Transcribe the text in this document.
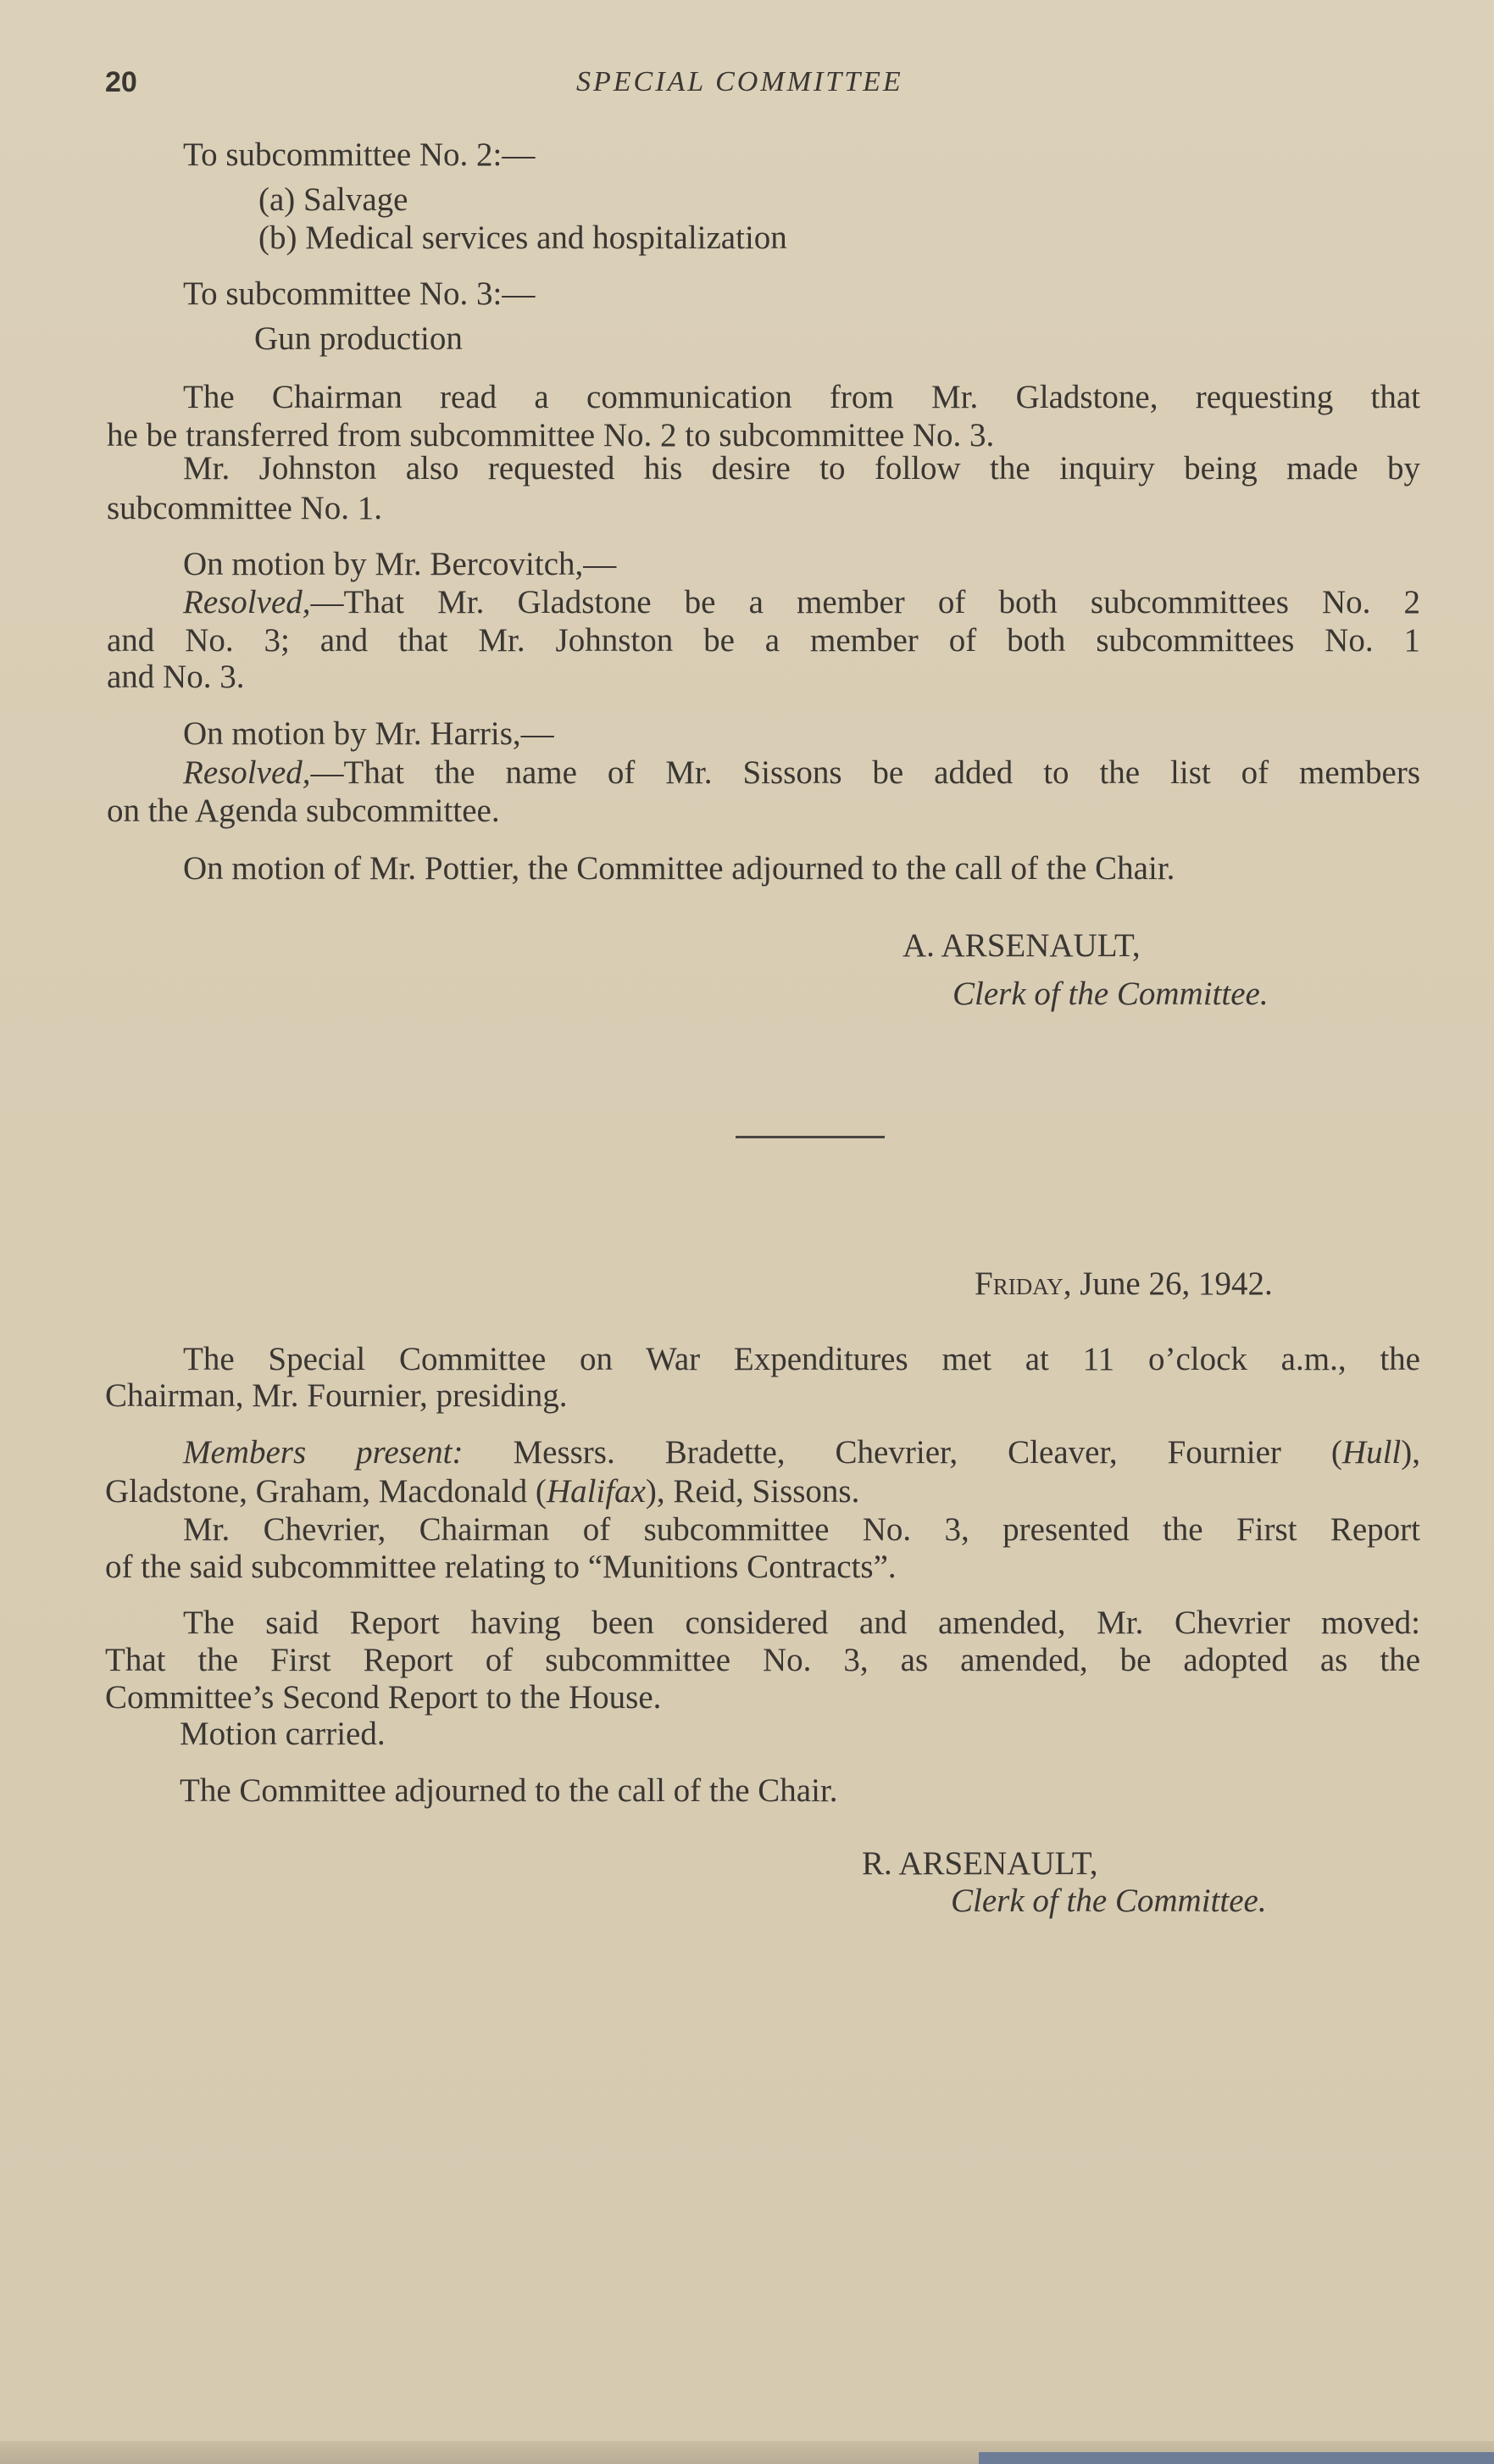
20	SPECIAL COMMITTEE
To subcommittee No. 2:—
(a) Salvage
(b) Medical services and hospitalization
To subcommittee No. 3:—
Gun production
The Chairman read a communication from Mr. Gladstone, requesting that
he be transferred from subcommittee No. 2 to subcommittee No. 3.
Mr. Johnston also requested his desire to follow the inquiry being made by
subcommittee No. 1.
On motion by Mr. Bercovitch,—
Resolved,—That Mr. Gladstone be a member of both subcommittees No. 2
and No. 3; and that Mr. Johnston be a member of both subcommittees No. 1
and No. 3.
On motion by Mr. Harris,—
Resolved,—That the name of Mr. Sissons be added to the list of members
on the Agenda subcommittee.
On motion of Mr. Pottier, the Committee adjourned to the call of the Chair.
A. ARSENAULT,
Clerk of the Committee.
Friday, June 26, 1942.
The Special Committee on War Expenditures met at 11 o’clock a.m., the
Chairman, Mr. Fournier, presiding.
Members present: Messrs. Bradette, Chevrier, Cleaver, Fournier (Hull),
Gladstone, Graham, Macdonald (Halifax), Reid, Sissons.
Mr. Chevrier, Chairman of subcommittee No. 3, presented the First Report
of the said subcommittee relating to “Munitions Contracts”.
The said Report having been considered and amended, Mr. Chevrier moved:
That the First Report of subcommittee No. 3, as amended, be adopted as the
Committee’s Second Report to the House.
Motion carried.
The Committee adjourned to the call of the Chair.
R. ARSENAULT,
Clerk of the Committee.
